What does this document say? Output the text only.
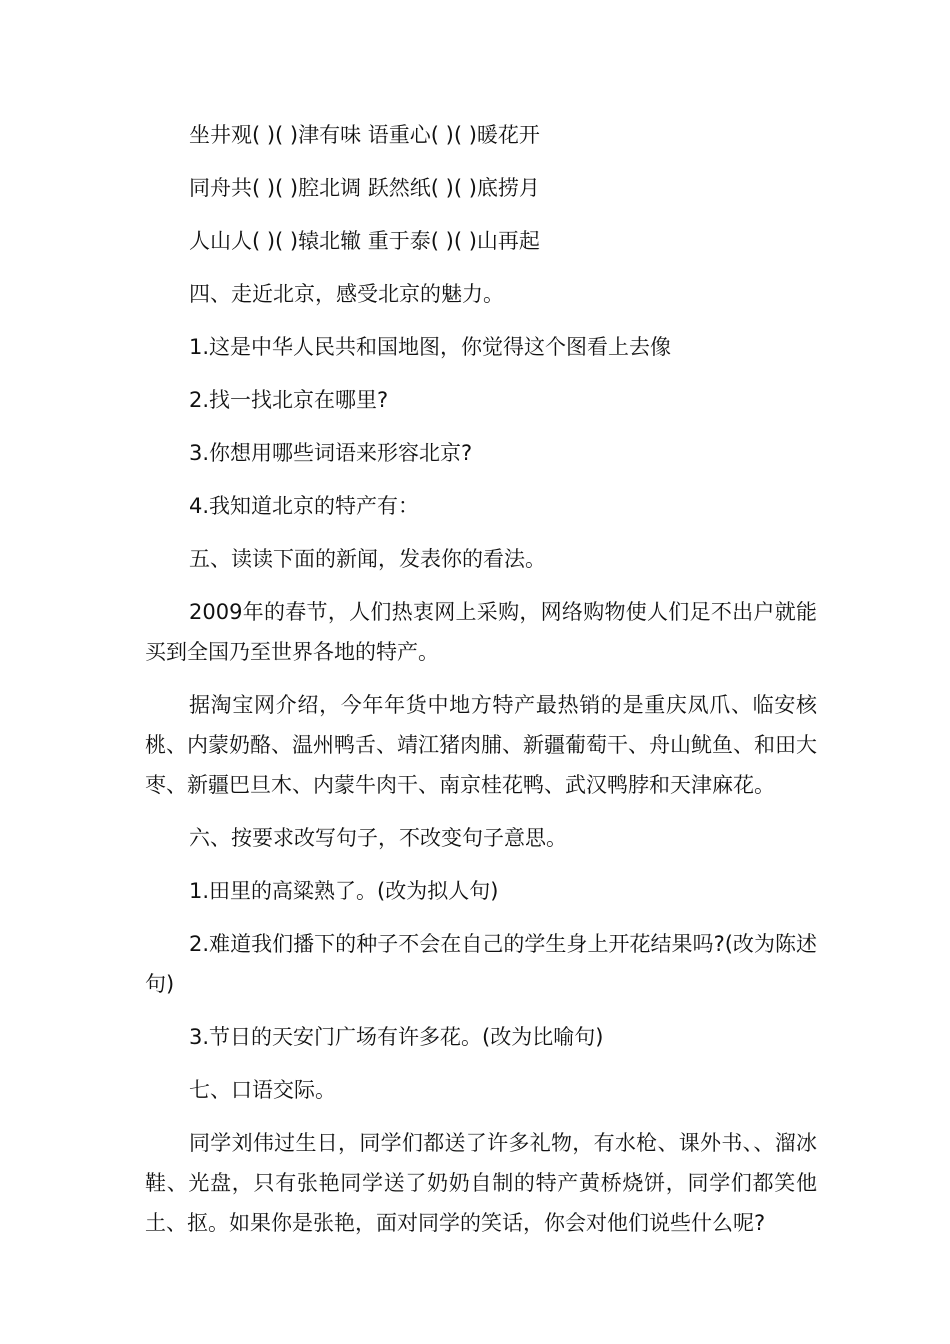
坐井观( )( )津有味 语重心( )( )暖花开

同舟共( )( )腔北调 跃然纸( )( )底捞月

人山人( )( )辕北辙 重于泰( )( )山再起

四、走近北京，感受北京的魅力。

1.这是中华人民共和国地图，你觉得这个图看上去像

2.找一找北京在哪里?

3.你想用哪些词语来形容北京?

4.我知道北京的特产有：

五、读读下面的新闻，发表你的看法。

2009年的春节，人们热衷网上采购，网络购物使人们足不出户就能买到全国乃至世界各地的特产。

据淘宝网介绍，今年年货中地方特产最热销的是重庆凤爪、临安核桃、内蒙奶酪、温州鸭舌、靖江猪肉脯、新疆葡萄干、舟山鱿鱼、和田大枣、新疆巴旦木、内蒙牛肉干、南京桂花鸭、武汉鸭脖和天津麻花。

六、按要求改写句子，不改变句子意思。

1.田里的高粱熟了。(改为拟人句)

2.难道我们播下的种子不会在自己的学生身上开花结果吗?(改为陈述句)

3.节日的天安门广场有许多花。(改为比喻句)

七、口语交际。

同学刘伟过生日，同学们都送了许多礼物，有水枪、课外书、、溜冰鞋、光盘，只有张艳同学送了奶奶自制的特产黄桥烧饼，同学们都笑他土、抠。如果你是张艳，面对同学的笑话，你会对他们说些什么呢?
